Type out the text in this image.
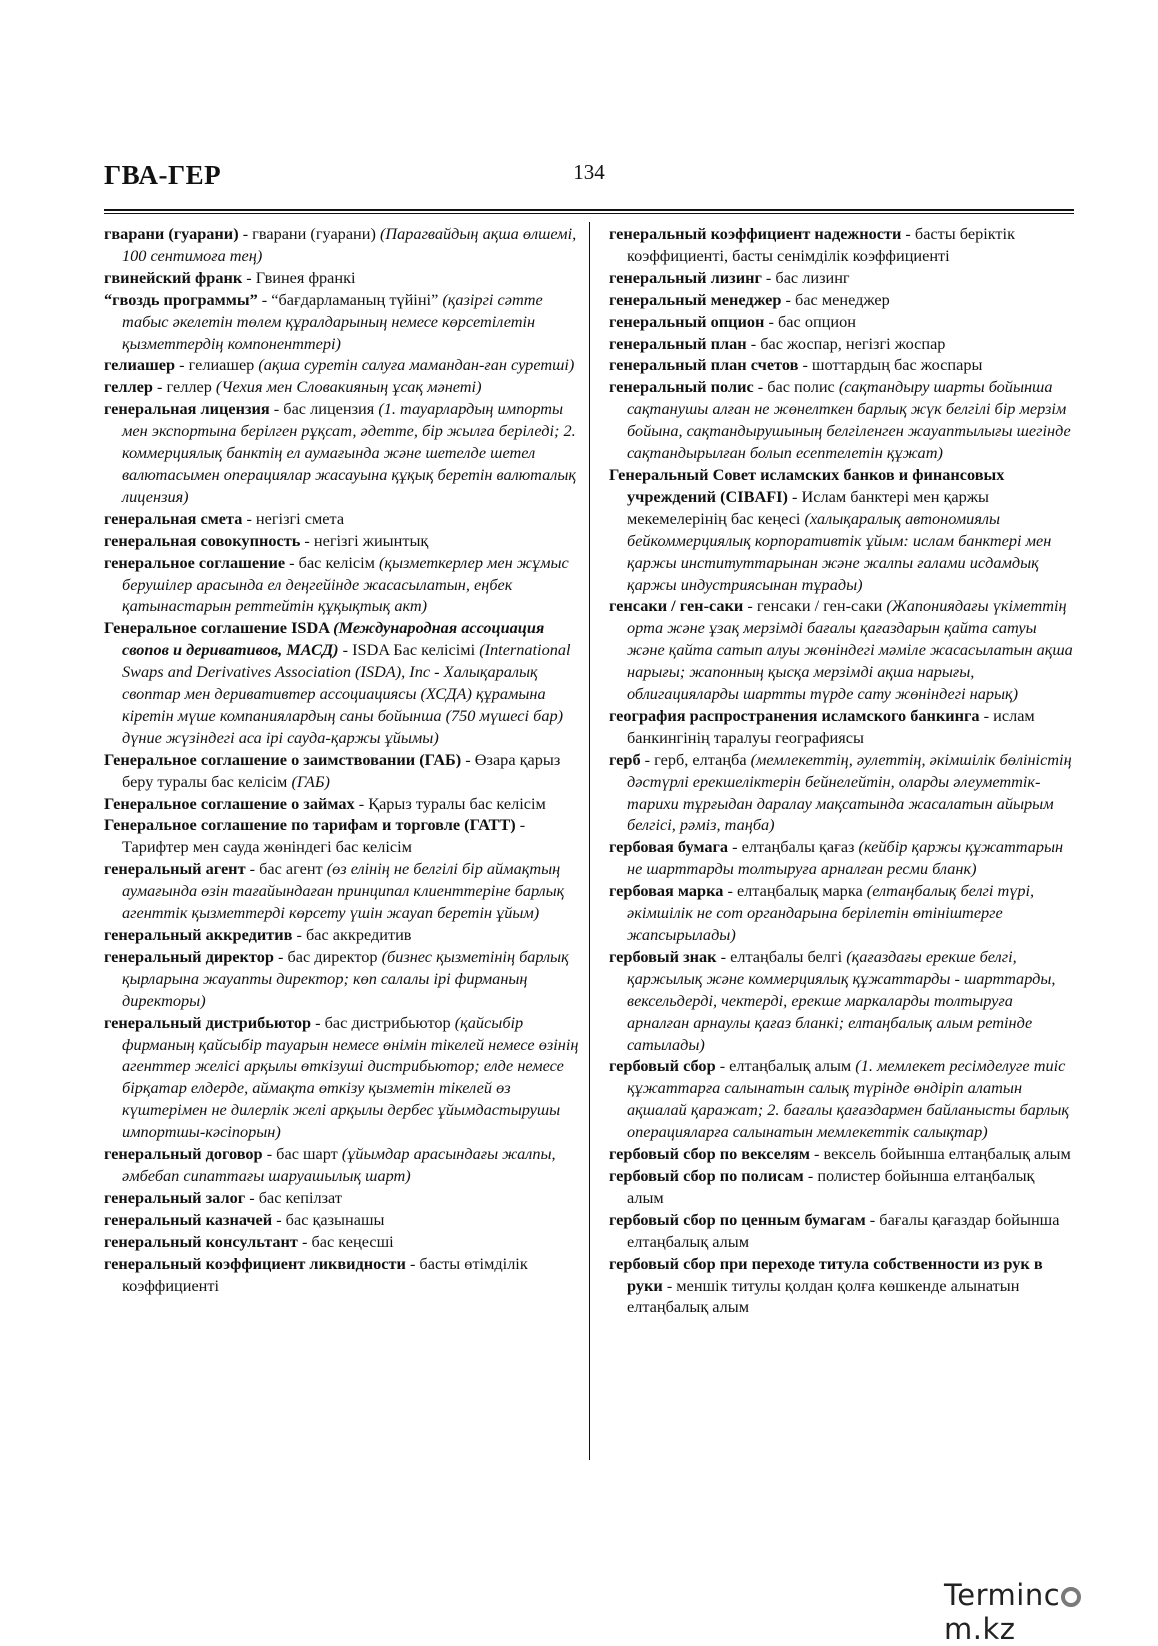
ГВА-ГЕР	134

гварани (гуарани) - гварани (гуарани) (Парагвайдың ақша өлшемі, 100 сентимоға тең)

гвинейский франк - Гвинея франкі

“гвоздь программы” - “бағдарламаның түйіні” (қазіргі сәтте табыс әкелетін төлем құралдарының немесе көрсетілетін қызметтердің компоненттері)

гелиашер - гелиашер (ақша суретін салуға мамандан-ған суретші)

геллер - геллер (Чехия мен Словакияның ұсақ мәнеті)

генеральная лицензия - бас лицензия (1. тауарлардың импорты мен экспортына берілген рұқсат, әдетте, бір жылға беріледі; 2. коммерциялық банктің ел аумағында және шетелде шетел валютасымен операциялар жасауына құқық беретін валюталық лицензия)

генеральная смета - негізгі смета

генеральная совокупность - негізгі жиынтық

генеральное соглашение - бас келісім (қызметкерлер мен жұмыс берушілер арасында ел деңгейінде жасасылатын, еңбек қатынастарын реттейтін құқықтық акт)

Генеральное соглашение ISDA (Международная ассоциация свопов и деривативов, МАСД) - ISDA Бас келісімі (International Swaps and Derivatives Association (ISDA), Inc - Халықаралық своптар мен деривативтер ассоциациясы (ХСДА) құрамына кіретін мүше компаниялардың саны бойынша (750 мүшесі бар) дүние жүзіндегі аса ірі сауда-қаржы ұйымы)

Генеральное соглашение о заимствовании (ГАБ) - Өзара қарыз беру туралы бас келісім (ГАБ)

Генеральное соглашение о займах - Қарыз туралы бас келісім

Генеральное соглашение по тарифам и торговле (ГАТТ) - Тарифтер мен сауда жөніндегі бас келісім

генеральный агент - бас агент (өз елінің не белгілі бір аймақтың аумағында өзін тағайындаған принципал клиенттеріне барлық агенттік қызметтерді көрсету үшін жауап беретін ұйым)

генеральный аккредитив - бас аккредитив

генеральный директор - бас директор (бизнес қызметінің барлық қырларына жауапты директор; көп салалы ірі фирманың директоры)

генеральный дистрибьютор - бас дистрибьютор (қайсыбір фирманың қайсыбір тауарын немесе өнімін тікелей немесе өзінің агенттер желісі арқылы өткізуші дистрибьютор; елде немесе бірқатар елдерде, аймақта өткізу қызметін тікелей өз күштерімен не дилерлік желі арқылы дербес ұйымдастырушы импортшы-кәсіпорын)

генеральный договор - бас шарт (ұйымдар арасындағы жалпы, әмбебап сипаттағы шаруашылық шарт)

генеральный залог - бас кепілзат

генеральный казначей - бас қазынашы

генеральный консультант - бас кеңесші

генеральный коэффициент ликвидности - басты өтімділік коэффициенті

генеральный коэффициент надежности - басты беріктік коэффициенті, басты сенімділік коэффициенті

генеральный лизинг - бас лизинг

генеральный менеджер - бас менеджер

генеральный опцион - бас опцион

генеральный план - бас жоспар, негізгі жоспар

генеральный план счетов - шоттардың бас жоспары

генеральный полис - бас полис (сақтандыру шарты бойынша сақтанушы алған не жөнелткен барлық жүк белгілі бір мерзім бойына, сақтандырушының белгіленген жауаптылығы шегінде сақтандырылған болып есептелетін құжат)

Генеральный Совет исламских банков и финансовых учреждений (CIBAFI) - Ислам банктері мен қаржы мекемелерінің бас кеңесі (халықаралық автономиялы бейкоммерциялық корпоративтік ұйым: ислам банктері мен қаржы институттарынан және жалпы ғалами исдамдық қаржы индустриясынан тұрады)

генсаки / ген-саки - генсаки / ген-саки (Жапониядағы үкіметтің орта және ұзақ мерзімді бағалы қағаздарын қайта сатуы және қайта сатып алуы жөніндегі мәміле жасасылатын ақша нарығы; жапонның қысқа мерзімді ақша нарығы, облигацияларды шартты түрде сату жөніндегі нарық)

география распространения исламского банкинга - ислам банкингінің таралуы географиясы

герб - герб, елтаңба (мемлекеттің, әулеттің, әкімшілік бөліністің дәстүрлі ерекшеліктерін бейнелейтін, оларды әлеуметтік-тарихи тұрғыдан даралау мақсатында жасалатын айырым белгісі, рәміз, таңба)

гербовая бумага - елтаңбалы қағаз (кейбір қаржы құжаттарын не шарттарды толтыруға арналған ресми бланк)

гербовая марка - елтаңбалық марка (елтаңбалық белгі түрі, әкімшілік не сот органдарына берілетін өтініштерге жапсырылады)

гербовый знак - елтаңбалы белгі (қағаздағы ерекше белгі, қаржылық және коммерциялық құжаттарды - шарттарды, вексельдерді, чектерді, ерекше маркаларды толтыруға арналған арнаулы қағаз бланкі; елтаңбалық алым ретінде сатылады)

гербовый сбор - елтаңбалық алым (1. мемлекет ресімделуге тиіс құжаттарға салынатын салық түрінде өндіріп алатын ақшалай қаражат; 2. бағалы қағаздармен байланысты барлық операцияларға салынатын мемлекеттік салықтар)

гербовый сбор по векселям - вексель бойынша елтаңбалық алым

гербовый сбор по полисам - полистер бойынша елтаңбалық алым

гербовый сбор по ценным бумагам - бағалы қағаздар бойынша елтаңбалық алым

гербовый сбор при переходе титула собственности из рук в руки - меншік титулы қолдан қолға көшкенде алынатын елтаңбалық алым

Termincm.kz
